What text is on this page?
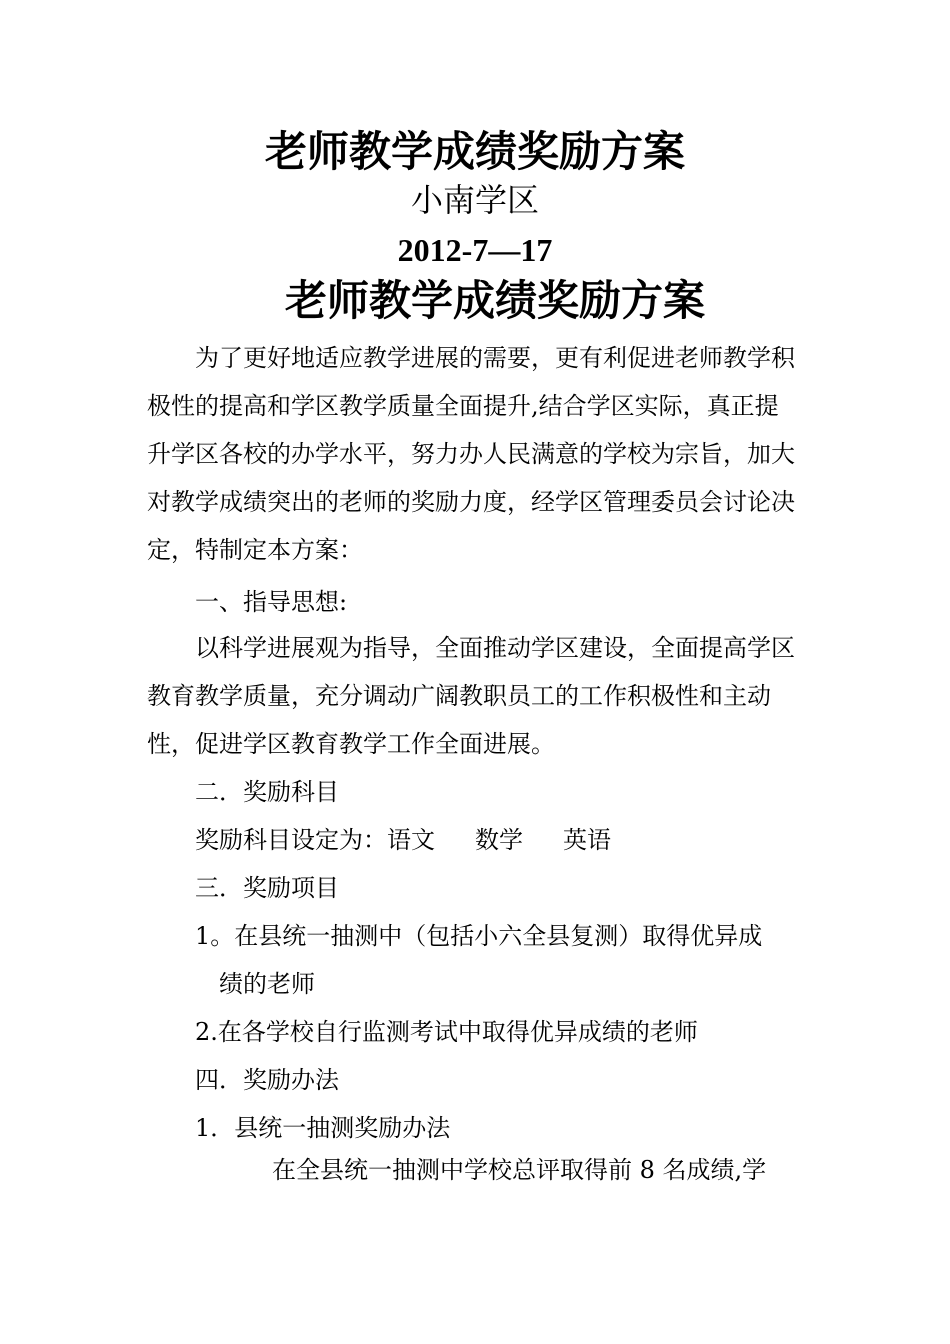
老师教学成绩奖励方案
小南学区
2012-7—17
老师教学成绩奖励方案

为了更好地适应教学进展的需要，更有利促进老师教学积极性的提高和学区教学质量全面提升,结合学区实际，真正提升学区各校的办学水平，努力办人民满意的学校为宗旨，加大对教学成绩突出的老师的奖励力度，经学区管理委员会讨论决定，特制定本方案：

一、指导思想:

以科学进展观为指导，全面推动学区建设，全面提高学区教育教学质量，充分调动广阔教职员工的工作积极性和主动性，促进学区教育教学工作全面进展。

二．奖励科目

奖励科目设定为：语文 数学 英语

三．奖励项目

1。在县统一抽测中（包括小六全县复测）取得优异成
绩的老师

2.在各学校自行监测考试中取得优异成绩的老师

四．奖励办法

1．县统一抽测奖励办法

在全县统一抽测中学校总评取得前 8 名成绩,学
